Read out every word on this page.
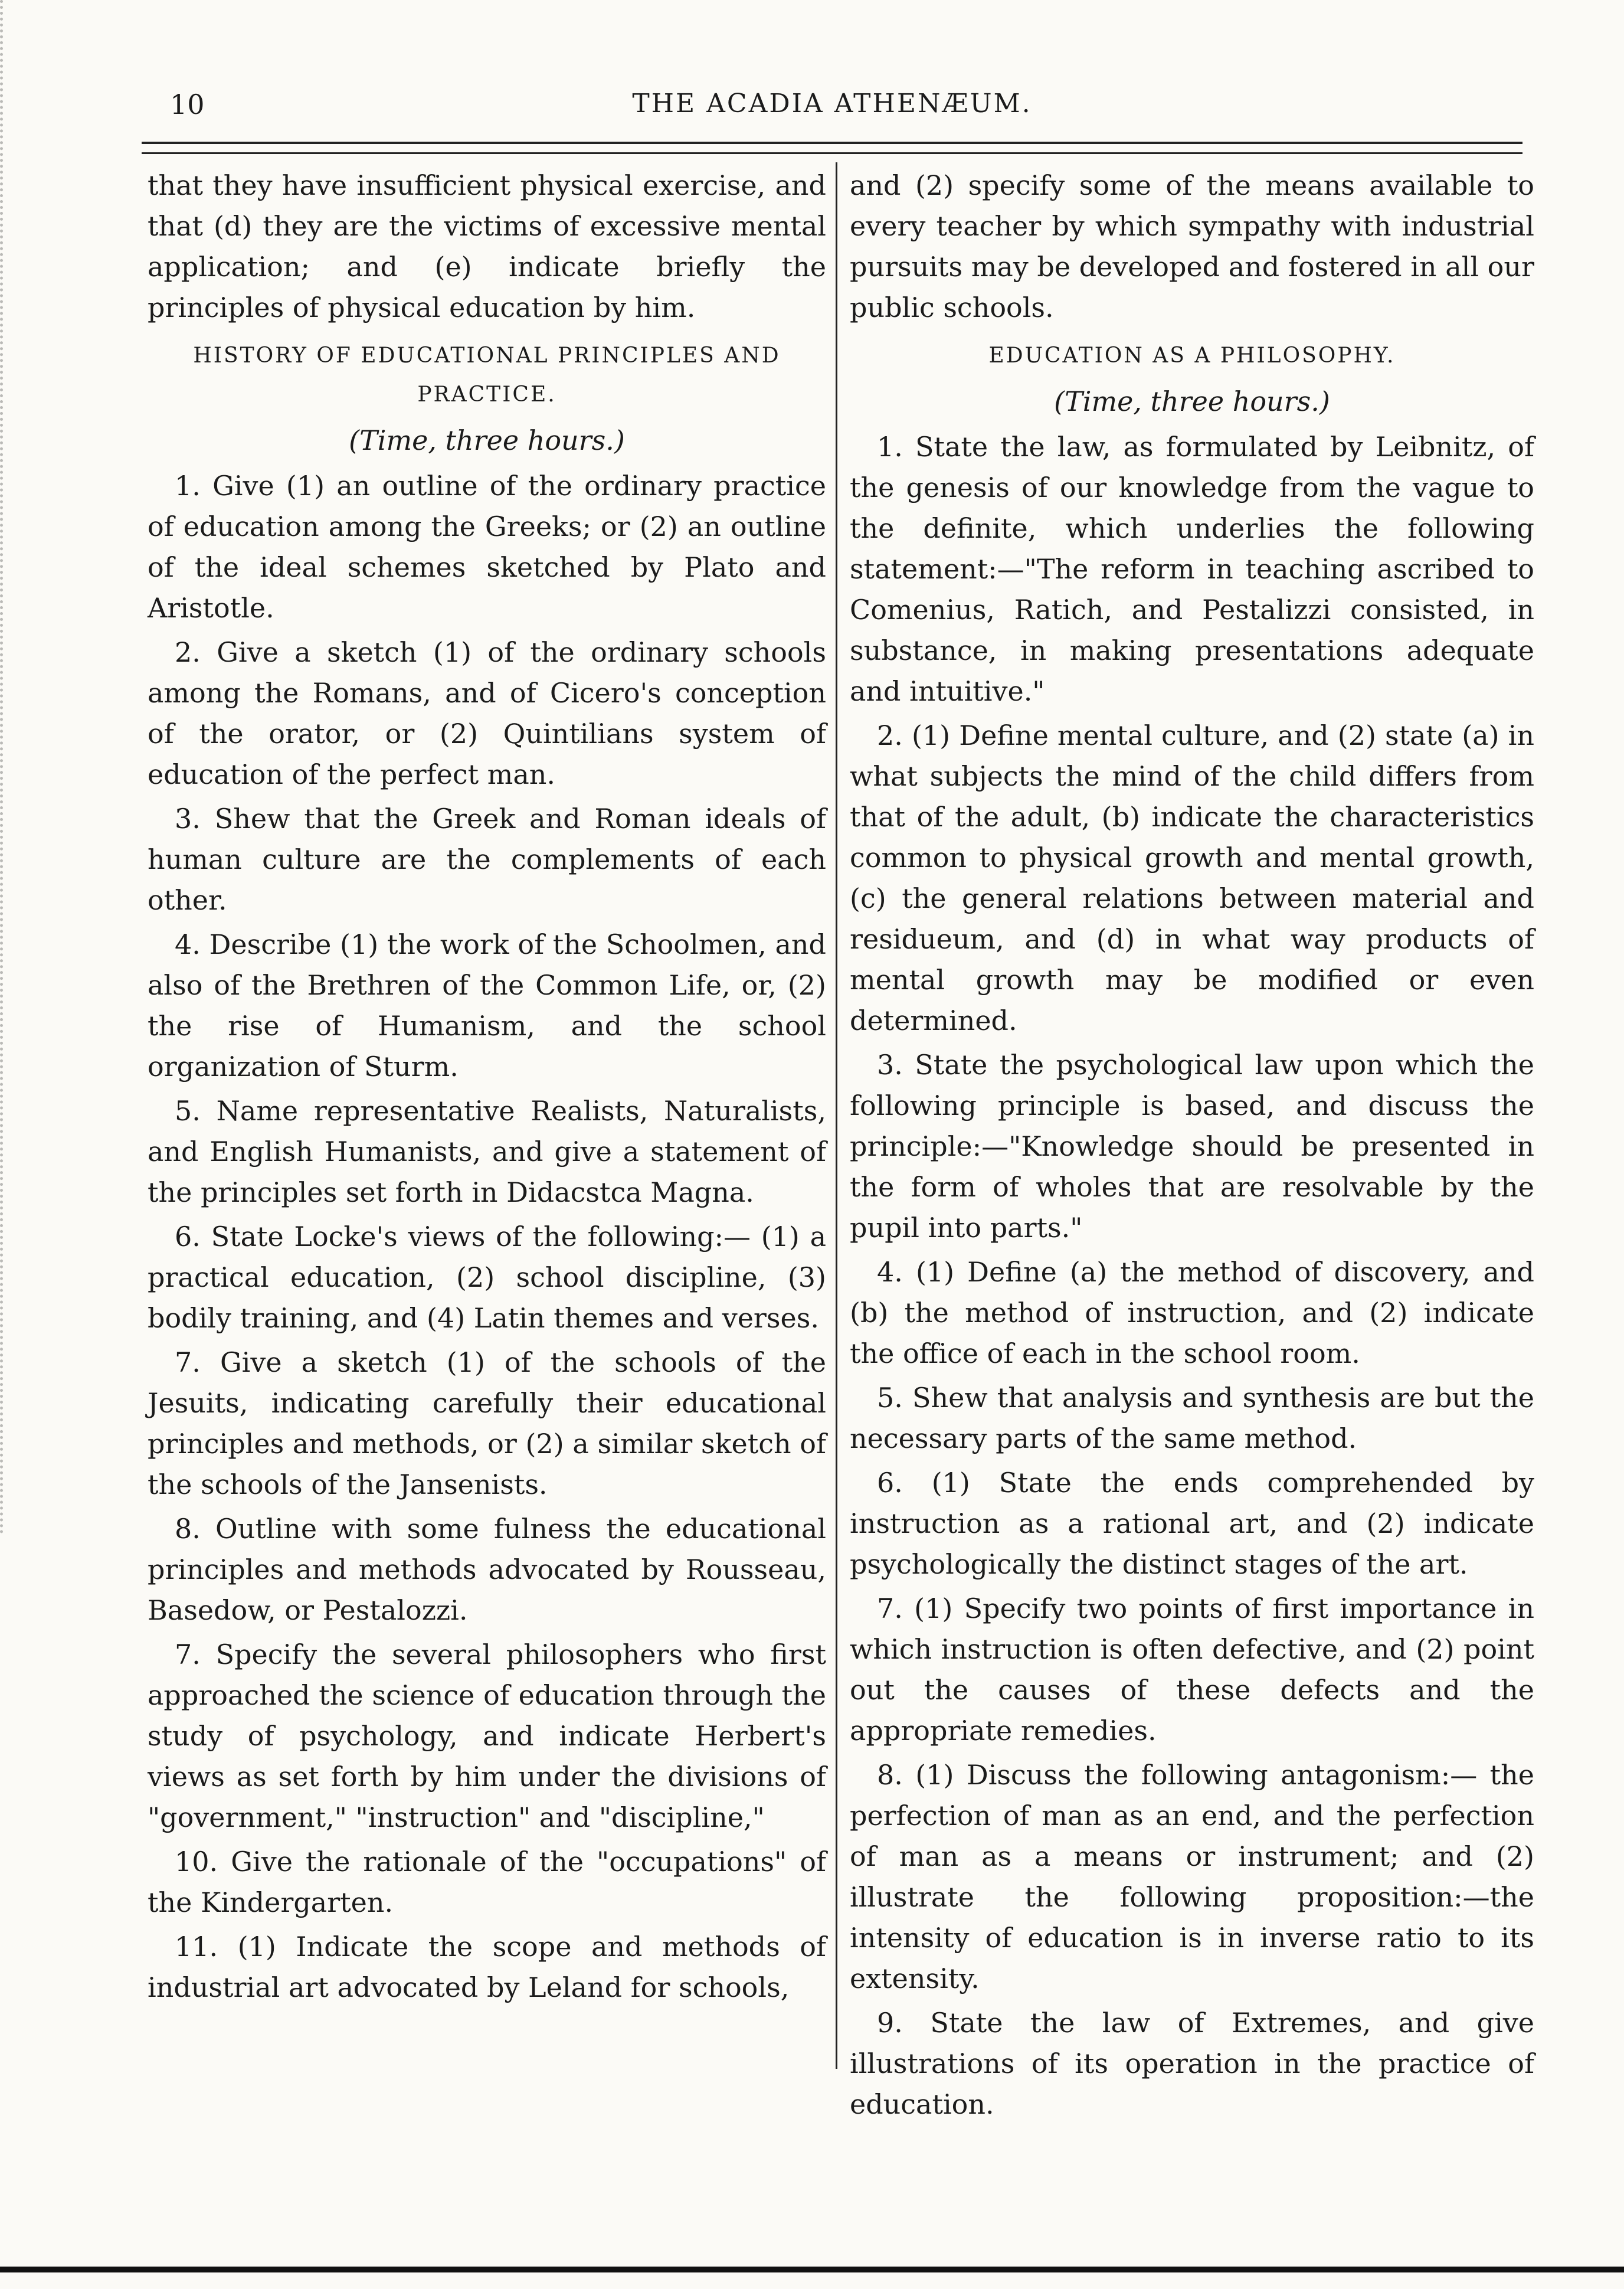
10	THE ACADIA ATHENÆUM.

that they have insufficient physical exercise, and that (d) they are the victims of excessive mental application; and (e) indicate briefly the principles of physical education by him.

HISTORY OF EDUCATIONAL PRINCIPLES AND PRACTICE.
(Time, three hours.)

1. Give (1) an outline of the ordinary practice of education among the Greeks; or (2) an outline of the ideal schemes sketched by Plato and Aristotle.

2. Give a sketch (1) of the ordinary schools among the Romans, and of Cicero's conception of the orator, or (2) Quintilians system of education of the perfect man.

3. Shew that the Greek and Roman ideals of human culture are the complements of each other.

4. Describe (1) the work of the Schoolmen, and also of the Brethren of the Common Life, or, (2) the rise of Humanism, and the school organization of Sturm.

5. Name representative Realists, Naturalists, and English Humanists, and give a statement of the principles set forth in Didacstca Magna.

6. State Locke's views of the following:— (1) a practical education, (2) school discipline, (3) bodily training, and (4) Latin themes and verses.

7. Give a sketch (1) of the schools of the Jesuits, indicating carefully their educational principles and methods, or (2) a similar sketch of the schools of the Jansenists.

8. Outline with some fulness the educational principles and methods advocated by Rousseau, Basedow, or Pestalozzi.

7. Specify the several philosophers who first approached the science of education through the study of psychology, and indicate Herbert's views as set forth by him under the divisions of "government," "instruction" and "discipline,"

10. Give the rationale of the "occupations" of the Kindergarten.

11. (1) Indicate the scope and methods of industrial art advocated by Leland for schools,

and (2) specify some of the means available to every teacher by which sympathy with industrial pursuits may be developed and fostered in all our public schools.

EDUCATION AS A PHILOSOPHY.
(Time, three hours.)

1. State the law, as formulated by Leibnitz, of the genesis of our knowledge from the vague to the definite, which underlies the following statement:—"The reform in teaching ascribed to Comenius, Ratich, and Pestalizzi consisted, in substance, in making presentations adequate and intuitive."

2. (1) Define mental culture, and (2) state (a) in what subjects the mind of the child differs from that of the adult, (b) indicate the characteristics common to physical growth and mental growth, (c) the general relations between material and residueum, and (d) in what way products of mental growth may be modified or even determined.

3. State the psychological law upon which the following principle is based, and discuss the principle:—"Knowledge should be presented in the form of wholes that are resolvable by the pupil into parts."

4. (1) Define (a) the method of discovery, and (b) the method of instruction, and (2) indicate the office of each in the school room.

5. Shew that analysis and synthesis are but the necessary parts of the same method.

6. (1) State the ends comprehended by instruction as a rational art, and (2) indicate psychologically the distinct stages of the art.

7. (1) Specify two points of first importance in which instruction is often defective, and (2) point out the causes of these defects and the appropriate remedies.

8. (1) Discuss the following antagonism:— the perfection of man as an end, and the perfection of man as a means or instrument; and (2) illustrate the following proposition:—the intensity of education is in inverse ratio to its extensity.

9. State the law of Extremes, and give illustrations of its operation in the practice of education.
